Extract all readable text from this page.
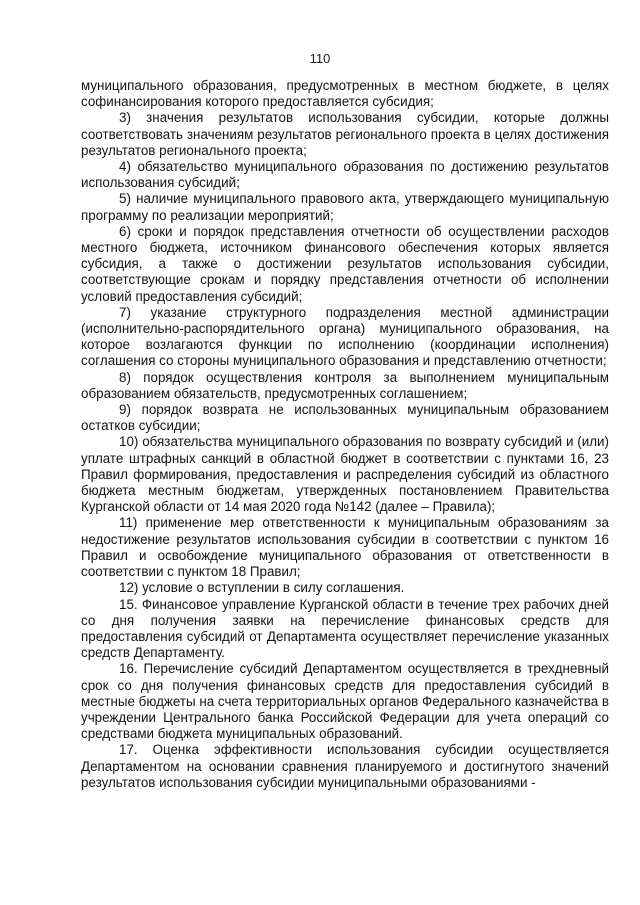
110

муниципального образования, предусмотренных в местном бюджете, в целях софинансирования которого предоставляется субсидия;

3) значения результатов использования субсидии, которые должны соответствовать значениям результатов регионального проекта в целях достижения результатов регионального проекта;

4) обязательство муниципального образования по достижению результатов использования субсидий;

5) наличие муниципального правового акта, утверждающего муниципальную программу по реализации мероприятий;

6) сроки и порядок представления отчетности об осуществлении расходов местного бюджета, источником финансового обеспечения которых является субсидия, а также о достижении результатов использования субсидии, соответствующие срокам и порядку представления отчетности об исполнении условий предоставления субсидий;

7) указание структурного подразделения местной администрации (исполнительно-распорядительного органа) муниципального образования, на которое возлагаются функции по исполнению (координации исполнения) соглашения со стороны муниципального образования и представлению отчетности;

8) порядок осуществления контроля за выполнением муниципальным образованием обязательств, предусмотренных соглашением;

9) порядок возврата не использованных муниципальным образованием остатков субсидии;

10) обязательства муниципального образования по возврату субсидий и (или) уплате штрафных санкций в областной бюджет в соответствии с пунктами 16, 23 Правил формирования, предоставления и распределения субсидий из областного бюджета местным бюджетам, утвержденных постановлением Правительства Курганской области от 14 мая 2020 года №142 (далее – Правила);

11) применение мер ответственности к муниципальным образованиям за недостижение результатов использования субсидии в соответствии с пунктом 16 Правил и освобождение муниципального образования от ответственности в соответствии с пунктом 18 Правил;

12) условие о вступлении в силу соглашения.

15. Финансовое управление Курганской области в течение трех рабочих дней со дня получения заявки на перечисление финансовых средств для предоставления субсидий от Департамента осуществляет перечисление указанных средств Департаменту.

16. Перечисление субсидий Департаментом осуществляется в трехдневный срок со дня получения финансовых средств для предоставления субсидий в местные бюджеты на счета территориальных органов Федерального казначейства в учреждении Центрального банка Российской Федерации для учета операций со средствами бюджета муниципальных образований.

17. Оценка эффективности использования субсидии осуществляется Департаментом на основании сравнения планируемого и достигнутого значений результатов использования субсидии муниципальными образованиями -
